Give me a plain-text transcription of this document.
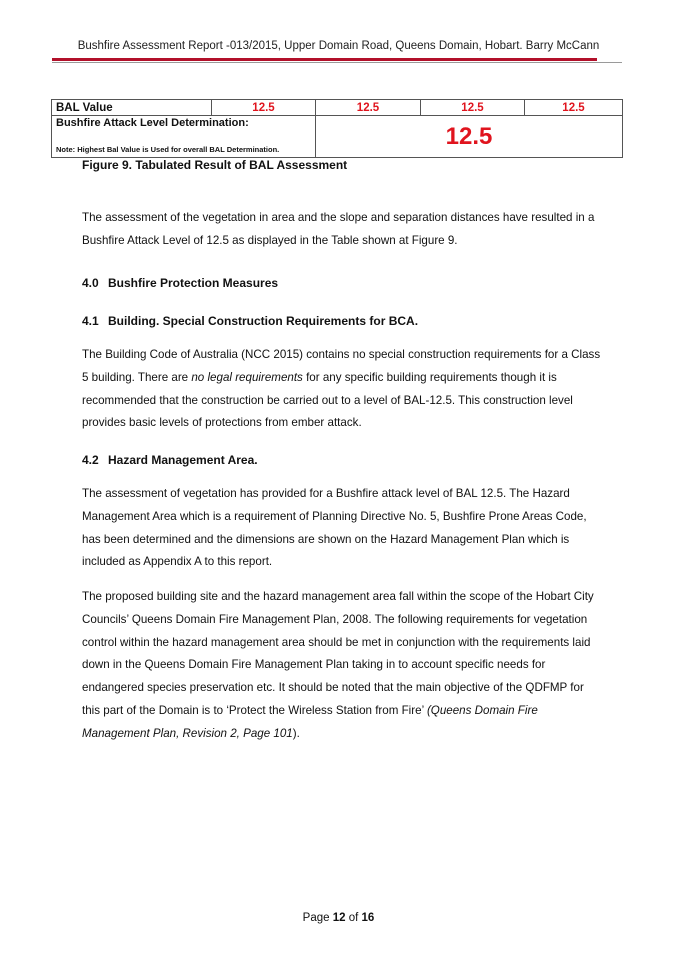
Bushfire Assessment Report -013/2015, Upper Domain Road, Queens Domain, Hobart. Barry McCann
BAL Value	12.5	12.5	12.5	12.5

Bushfire Attack Level Determination:
Note: Highest Bal Value is Used for overall BAL Determination.		12.5		
Figure 9. Tabulated Result of BAL Assessment
The assessment of the vegetation in area and the slope and separation distances have resulted in a Bushfire Attack Level of 12.5 as displayed in the Table shown at Figure 9.
4.0 Bushfire Protection Measures
4.1 Building. Special Construction Requirements for BCA.
The Building Code of Australia (NCC 2015) contains no special construction requirements for a Class 5 building. There are no legal requirements for any specific building requirements though it is recommended that the construction be carried out to a level of BAL-12.5. This construction level provides basic levels of protections from ember attack.
4.2 Hazard Management Area.
The assessment of vegetation has provided for a Bushfire attack level of BAL 12.5. The Hazard Management Area which is a requirement of Planning Directive No. 5, Bushfire Prone Areas Code, has been determined and the dimensions are shown on the Hazard Management Plan which is included as Appendix A to this report.
The proposed building site and the hazard management area fall within the scope of the Hobart City Councils’ Queens Domain Fire Management Plan, 2008. The following requirements for vegetation control within the hazard management area should be met in conjunction with the requirements laid down in the Queens Domain Fire Management Plan taking in to account specific needs for endangered species preservation etc. It should be noted that the main objective of the QDFMP for this part of the Domain is to ‘Protect the Wireless Station from Fire’ (Queens Domain Fire Management Plan, Revision 2, Page 101).
Page 12 of 16
